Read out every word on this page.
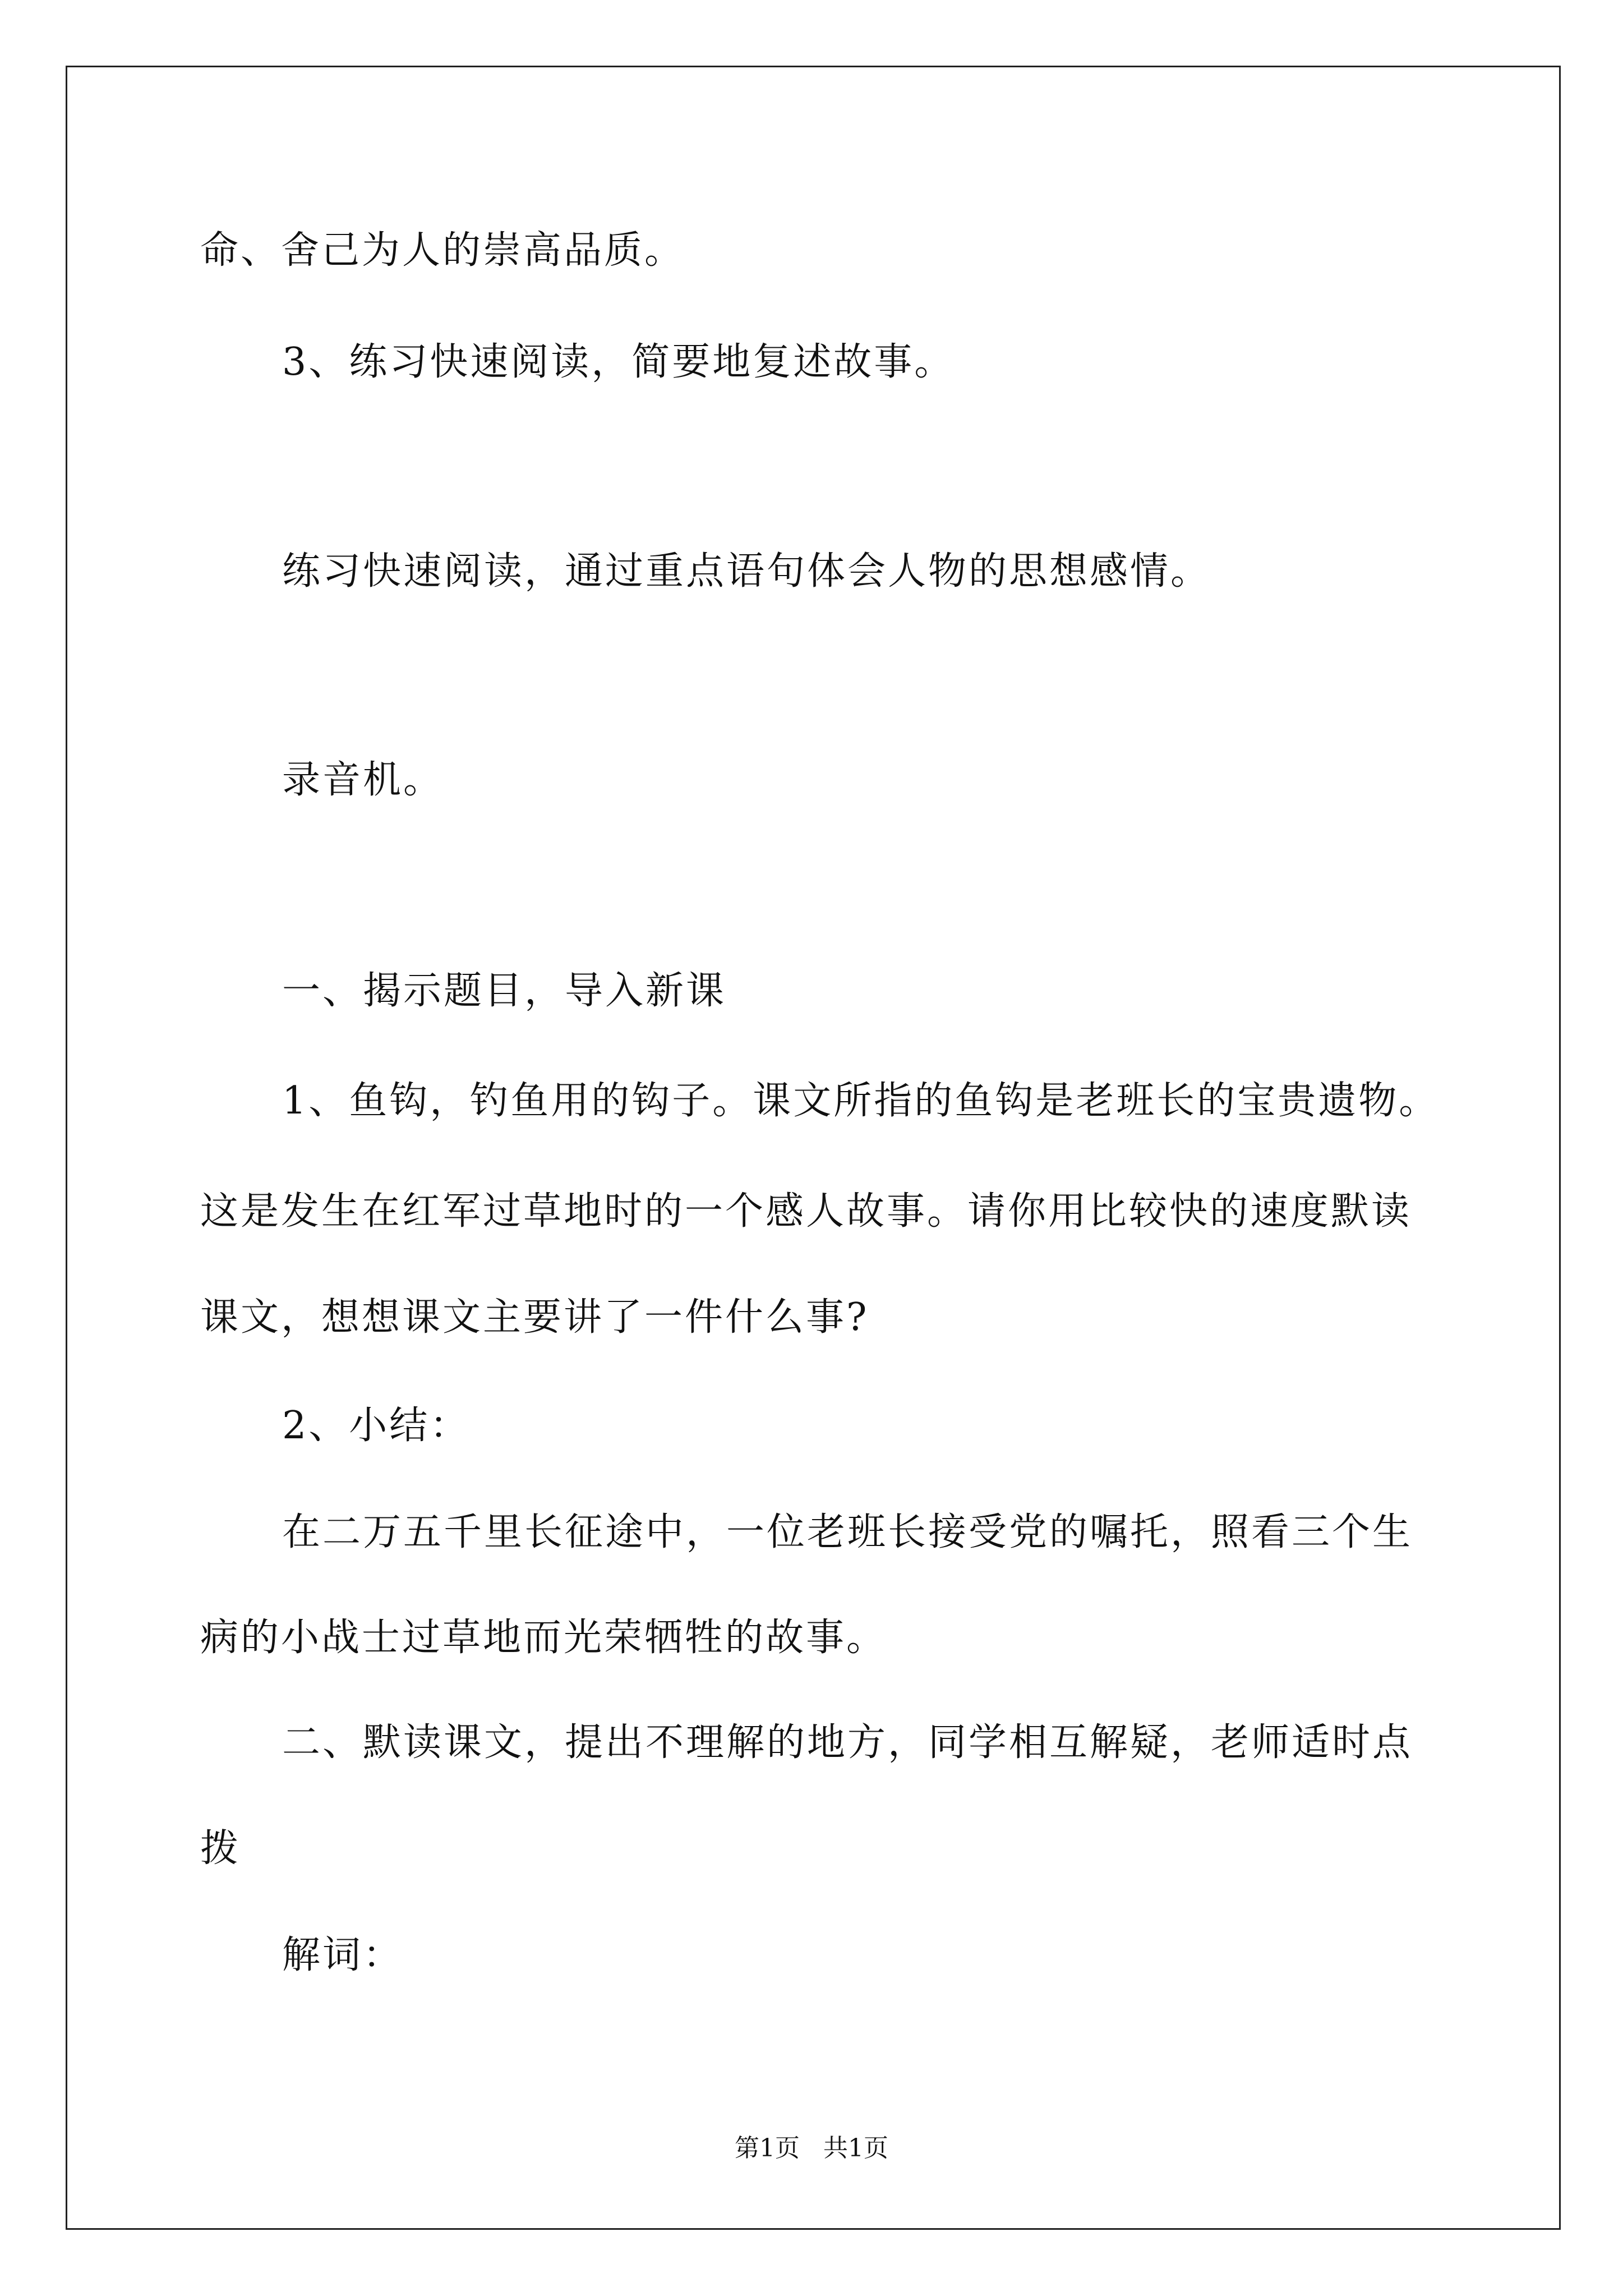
命、舍己为人的崇高品质。

3、练习快速阅读，简要地复述故事。

练习快速阅读，通过重点语句体会人物的思想感情。

录音机。

一、揭示题目，导入新课

1、鱼钩，钓鱼用的钩子。课文所指的鱼钩是老班长的宝贵遗物。

这是发生在红军过草地时的一个感人故事。请你用比较快的速度默读

课文，想想课文主要讲了一件什么事?

2、小结：

在二万五千里长征途中，一位老班长接受党的嘱托，照看三个生

病的小战士过草地而光荣牺牲的故事。

二、默读课文，提出不理解的地方，同学相互解疑，老师适时点

拨

解词：

第1页   共1页
